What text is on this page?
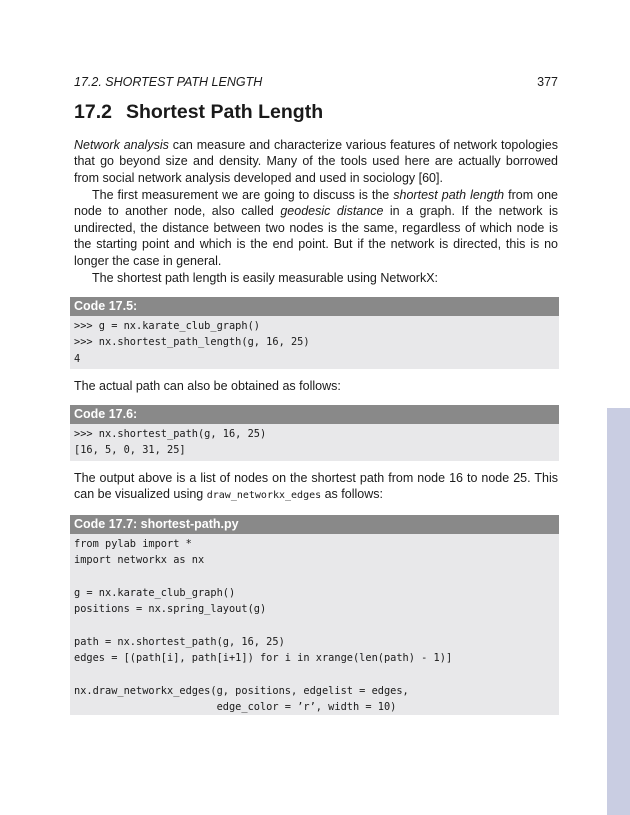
17.2. SHORTEST PATH LENGTH	377
17.2 Shortest Path Length

Network analysis can measure and characterize various features of network topologies that go beyond size and density. Many of the tools used here are actually borrowed from social network analysis developed and used in sociology [60].

The first measurement we are going to discuss is the shortest path length from one node to another node, also called geodesic distance in a graph. If the network is undirected, the distance between two nodes is the same, regardless of which node is the starting point and which is the end point. But if the network is directed, this is no longer the case in general.

The shortest path length is easily measurable using NetworkX:

Code 17.5:
>>> g = nx.karate_club_graph()
>>> nx.shortest_path_length(g, 16, 25)
4

The actual path can also be obtained as follows:

Code 17.6:
>>> nx.shortest_path(g, 16, 25)
[16, 5, 0, 31, 25]

The output above is a list of nodes on the shortest path from node 16 to node 25. This can be visualized using draw_networkx_edges as follows:

Code 17.7: shortest-path.py
from pylab import *
import networkx as nx

g = nx.karate_club_graph()
positions = nx.spring_layout(g)

path = nx.shortest_path(g, 16, 25)
edges = [(path[i], path[i+1]) for i in xrange(len(path) - 1)]

nx.draw_networkx_edges(g, positions, edgelist = edges,
edge_color = ’r’, width = 10)
